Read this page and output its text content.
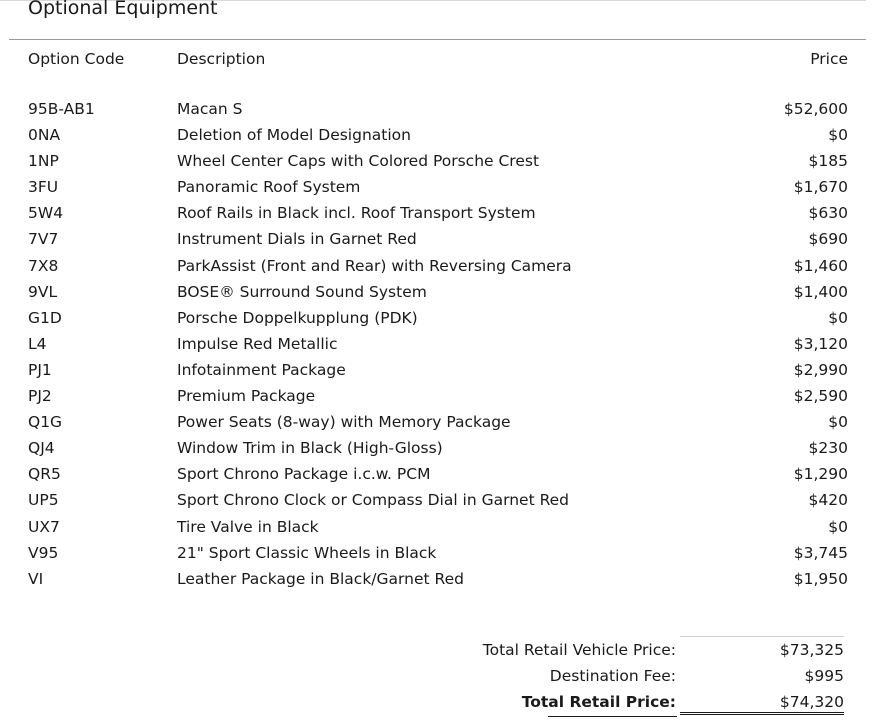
Optional Equipment
Option Code	Description	Price
95B-AB1	Macan S	$52,600
0NA	Deletion of Model Designation	$0
1NP	Wheel Center Caps with Colored Porsche Crest	$185
3FU	Panoramic Roof System	$1,670
5W4	Roof Rails in Black incl. Roof Transport System	$630
7V7	Instrument Dials in Garnet Red	$690
7X8	ParkAssist (Front and Rear) with Reversing Camera	$1,460
9VL	BOSE® Surround Sound System	$1,400
G1D	Porsche Doppelkupplung (PDK)	$0
L4	Impulse Red Metallic	$3,120
PJ1	Infotainment Package	$2,990
PJ2	Premium Package	$2,590
Q1G	Power Seats (8-way) with Memory Package	$0
QJ4	Window Trim in Black (High-Gloss)	$230
QR5	Sport Chrono Package i.c.w. PCM	$1,290
UP5	Sport Chrono Clock or Compass Dial in Garnet Red	$420
UX7	Tire Valve in Black	$0
V95	21" Sport Classic Wheels in Black	$3,745
VI	Leather Package in Black/Garnet Red	$1,950
Total Retail Vehicle Price:	$73,325
Destination Fee:	$995
Total Retail Price:	$74,320
